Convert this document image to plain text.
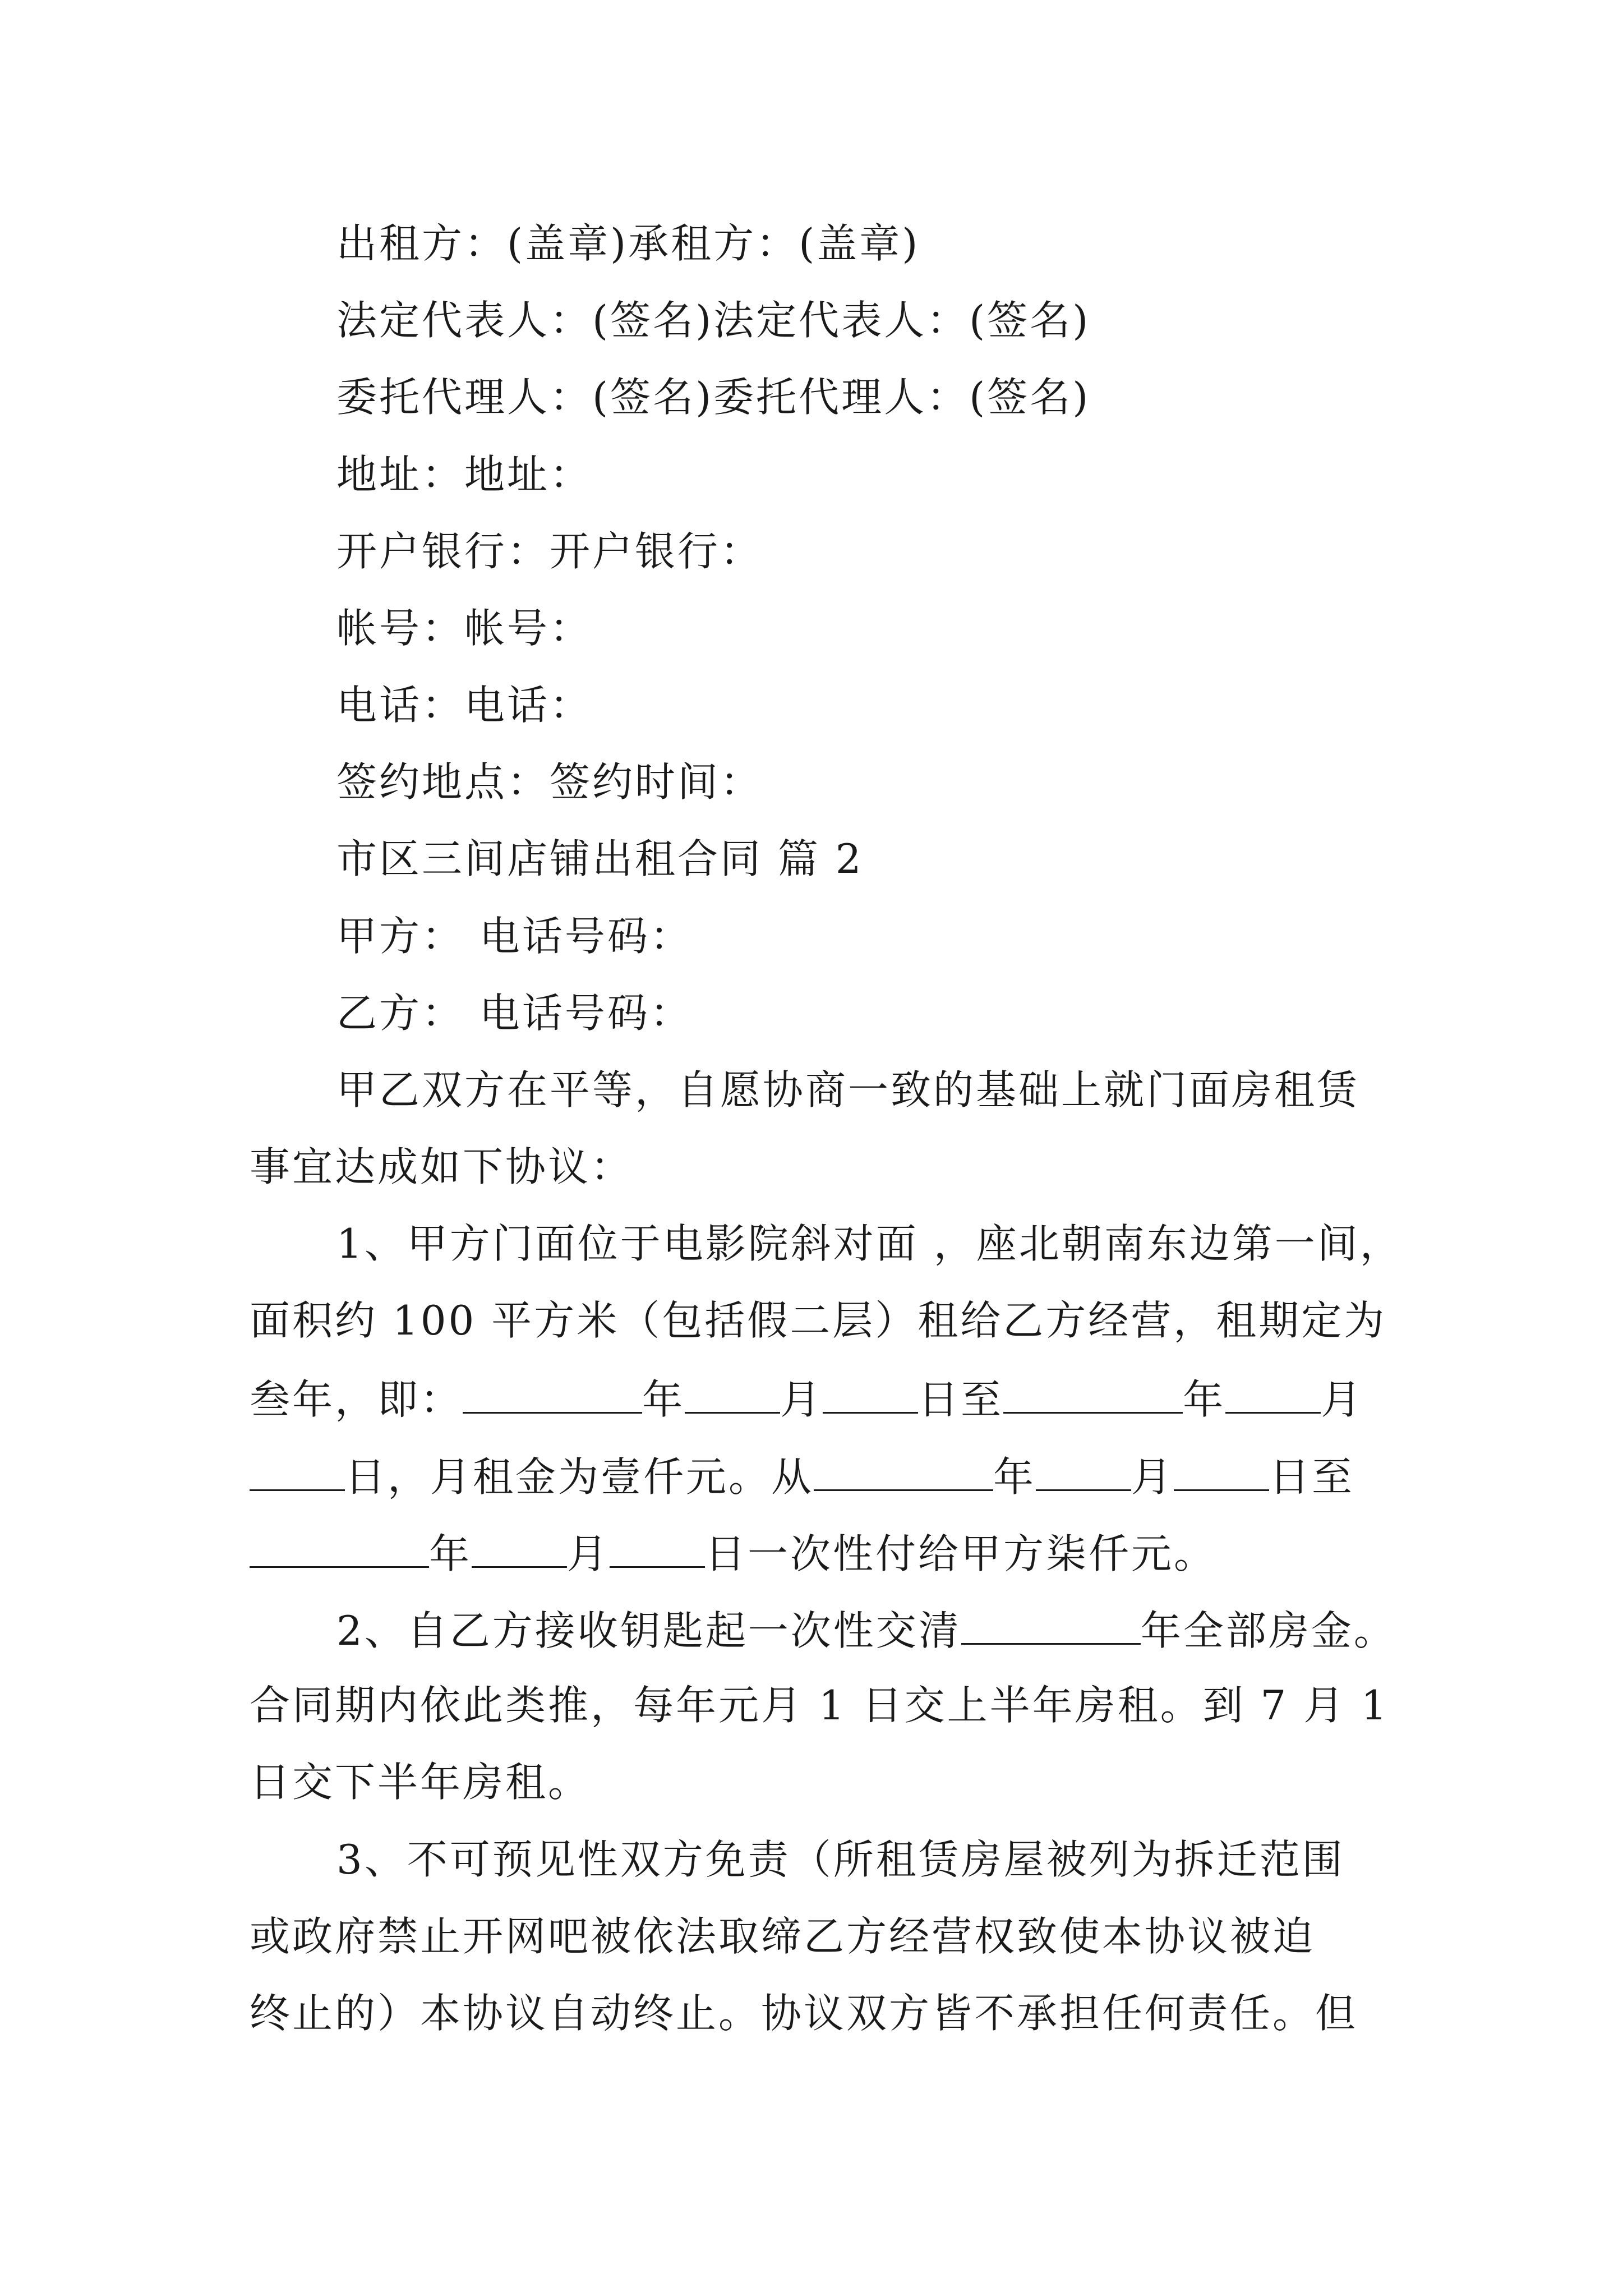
出租方：(盖章)承租方：(盖章)
法定代表人：(签名)法定代表人：(签名)
委托代理人：(签名)委托代理人：(签名)
地址：地址：
开户银行：开户银行：
帐号：帐号：
电话：电话：
签约地点：签约时间：
市区三间店铺出租合同 篇 2
甲方： 电话号码：
乙方： 电话号码：
甲乙双方在平等，自愿协商一致的基础上就门面房租赁
事宜达成如下协议：
1、甲方门面位于电影院斜对面 ，座北朝南东边第一间，
面积约 100 平方米（包括假二层）租给乙方经营，租期定为
叁年，即：	年 月 日至	年 月
日，月租金为壹仟元。从	年 月 日至
年 月 日一次性付给甲方柒仟元。
2、自乙方接收钥匙起一次性交清	年全部房金。
合同期内依此类推，每年元月 1 日交上半年房租。到 7 月 1
日交下半年房租。
3、不可预见性双方免责（所租赁房屋被列为拆迁范围
或政府禁止开网吧被依法取缔乙方经营权致使本协议被迫
终止的）本协议自动终止。协议双方皆不承担任何责任。但
